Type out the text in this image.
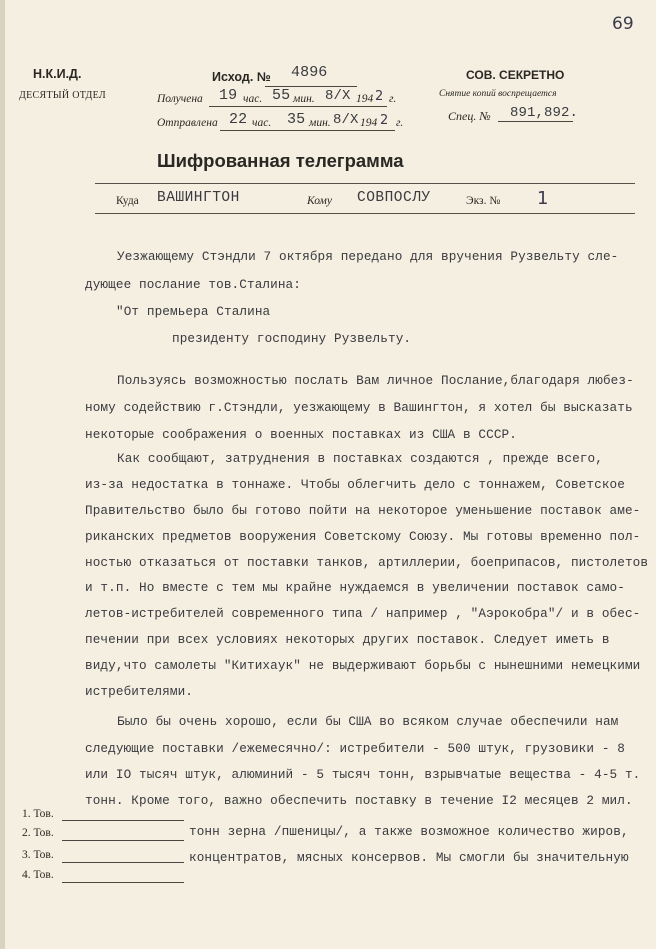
69
Н.К.И.Д.
ДЕСЯТЫЙ ОТДЕЛ
Исход. № 4896
Получена 19 час. 55 мин. 8/X 194 2 г.
Отправлена 22 час. 35 мин. 8/X 194 2 г.
СОВ. СЕКРЕТНО
Снятие копий воспрещается
Спец. № 891,892.
Шифрованная телеграмма
Куда ВАШИНГТОН	Кому СОВПОСЛУ	Экз. № 1
Уезжающему Стэндли 7 октября передано для вручения Рузвельту сле-
дующее послание тов.Сталина:
"От премьера Сталина
президенту господину Рузвельту.
Пользуясь возможностью послать Вам личное Послание,благодаря любез-
ному содействию г.Стэндли, уезжающему в Вашингтон, я хотел бы высказать
некоторые соображения о военных поставках из США в СССР.
Как сообщают, затруднения в поставках создаются , прежде всего,
из-за недостатка в тоннаже. Чтобы облегчить дело с тоннажем, Советское
Правительство было бы готово пойти на некоторое уменьшение поставок аме-
риканских предметов вооружения Советскому Союзу. Мы готовы временно пол-
ностью отказаться от поставки танков, артиллерии, боеприпасов, пистолетов
и т.п. Но вместе с тем мы крайне нуждаемся в увеличении поставок само-
летов-истребителей современного типа / например , "Аэрокобра"/ и в обес-
печении при всех условиях некоторых других поставок. Следует иметь в
виду,что самолеты "Китихаук" не выдерживают борьбы с нынешними немецкими
истребителями.
Было бы очень хорошо, если бы США во всяком случае обеспечили нам
следующие поставки /ежемесячно/: истребители - 500 штук, грузовики - 8
или IO тысяч штук, алюминий - 5 тысяч тонн, взрывчатые вещества - 4-5 т.
тонн. Кроме того, важно обеспечить поставку в течение I2 месяцев 2 мил.
тонн зерна /пшеницы/, а также возможное количество жиров,
концентратов, мясных консервов. Мы смогли бы значительную
1. Тов.
2. Тов.
3. Тов.
4. Тов.
